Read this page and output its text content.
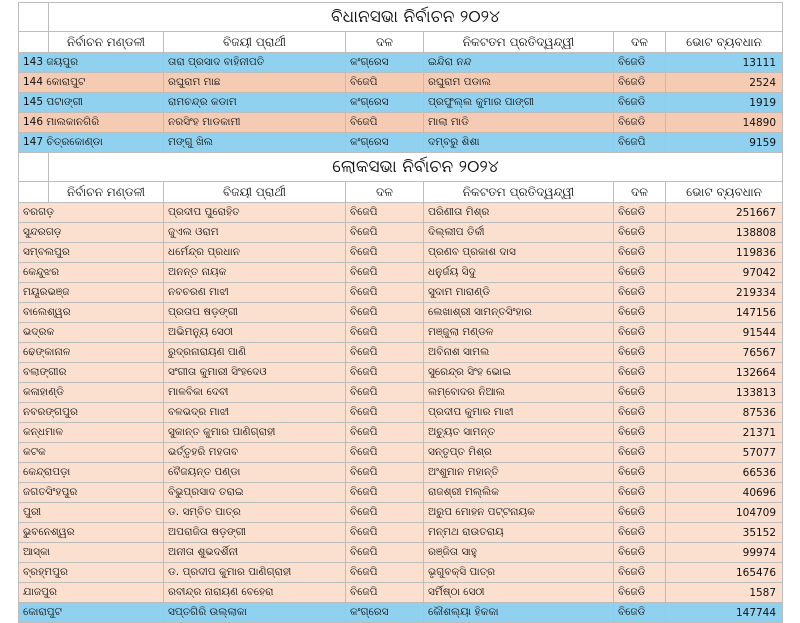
	ବିଧାନସଭା ନିର୍ବାଚନ ୨୦୨୪					
	ନିର୍ବାଚନ ମଣ୍ଡଳୀ	ବିଜୟୀ ପ୍ରାର୍ଥୀ	ଦଳ	ନିକଟତମ ପ୍ରତିଦ୍ୱନ୍ଦ୍ୱୀ	ଦଳ	ଭୋଟ ବ୍ୟବଧାନ
143 ଜୟପୁର		ତାରା ପ୍ରସାଦ ବାହିନୀପତି	କଂଗ୍ରେସ	ଇନ୍ଦିରା ନନ୍ଦ	ବିଜେଡି	13111
144 କୋରାପୁଟ		ରଘୁରାମ ମାଛ	ବିଜେପି	ରଘୁରାମ ପଡାଲ	ବିଜେଡି	2524
145 ପଟାଙ୍ଗୀ		ରାମଚନ୍ଦ୍ର କଡାମ	କଂଗ୍ରେସ	ପ୍ରଫୁଲ୍ଲ କୁମାର ପାଙ୍ଗୀ	ବିଜେଡି	1919
146 ମାଲକାନଗିରି		ନରସିଂହ ମାଡକାମୀ	ବିଜେପି	ମାଲା ମାଡି	ବିଜେଡି	14890
147 ଚିତ୍ରକୋଣ୍ଡା		ମଙ୍ଗୁ ଖିଲ	କଂଗ୍ରେସ	ଦମ୍ବରୁ ଶିଶା	ବିଜେପି	9159
	ଲୋକସଭା ନିର୍ବାଚନ ୨୦୨୪					
	ନିର୍ବାଚନ ମଣ୍ଡଳୀ	ବିଜୟୀ ପ୍ରାର୍ଥୀ	ଦଳ	ନିକଟତମ ପ୍ରତିଦ୍ୱନ୍ଦ୍ୱୀ	ଦଳ	ଭୋଟ ବ୍ୟବଧାନ
ବରଗଡ଼		ପ୍ରଦୀପ ପୁରୋହିତ	ବିଜେପି	ପରିଣୀତା ମିଶ୍ର	ବିଜେଡି	251667
ସୁନ୍ଦରଗଡ଼		ଜୁଏଲ ଓରାମ	ବିଜେପି	ଦିଲ୍ଲୀପ ତିର୍କୀ	ବିଜେଡି	138808
ସମ୍ବଲପୁର		ଧର୍ମେନ୍ଦ୍ର ପ୍ରଧାନ	ବିଜେପି	ପ୍ରଣବ ପ୍ରକାଶ ଦାସ	ବିଜେଡି	119836
କେନ୍ଦୁଝର		ଅନନ୍ତ ନାୟକ	ବିଜେପି	ଧନୁର୍ଜୟ ସିଦୁ	ବିଜେଡି	97042
ମୟୂରଭଞ୍ଜ		ନବଚରଣ ମାଝୀ	ବିଜେପି	ସୁଦାମ ମାରାଣ୍ଡି	ବିଜେଡି	219334
ବାଲେଶ୍ୱର		ପ୍ରତାପ ଷଡ଼ଙ୍ଗୀ	ବିଜେପି	ଲେଖାଶ୍ରୀ ସାମନ୍ତସିଂହାର	ବିଜେଡି	147156
ଭଦ୍ରକ		ଅଭିମନ୍ୟୁ ସେଠୀ	ବିଜେପି	ମଞ୍ଜୁଲା ମଣ୍ଡଳ	ବିଜେଡି	91544
ଢେଙ୍କାନାଳ		ରୁଦ୍ରନାରାୟଣ ପାଣି	ବିଜେପି	ଅବିନାଶ ସାମଲ	ବିଜେଡି	76567
ବଲାଙ୍ଗୀର		ସଂଗୀତା କୁମାରୀ ସିଂହଦେଓ	ବିଜେପି	ସୁରେନ୍ଦ୍ର ସିଂହ ଭୋଇ	ବିଜେଡି	132664
କଳାହାଣ୍ଡି		ମାଳବିକା ଦେବୀ	ବିଜେପି	ଲମ୍ବୋଦର ନିଆଲ	ବିଜେଡି	133813
ନବରଙ୍ଗପୁର		ବଳଭଦ୍ର ମାଝୀ	ବିଜେପି	ପ୍ରଦୀପ କୁମାର ମାଝୀ	ବିଜେଡି	87536
କନ୍ଧମାଳ		ସୁକାନ୍ତ କୁମାର ପାଣିଗ୍ରାହୀ	ବିଜେପି	ଅଚ୍ୟୁତ ସାମନ୍ତ	ବିଜେଡି	21371
କଟକ		ଭର୍ତ୍ତୃହରି ମହତାବ	ବିଜେପି	ସନ୍ତୃପ୍ତ ମିଶ୍ର	ବିଜେଡି	57077
କେନ୍ଦ୍ରାପଡ଼ା		ବୈଜୟନ୍ତ ପଣ୍ଡା	ବିଜେପି	ଅଂଶୁମାନ ମହାନ୍ତି	ବିଜେଡି	66536
ଜଗତସିଂହପୁର		ବିଭୁପ୍ରସାଦ ତରାଇ	ବିଜେପି	ରାଜଶ୍ରୀ ମଲ୍ଲିକ	ବିଜେଡି	40696
ପୁରୀ		ଡ. ସମ୍ବିତ ପାତ୍ର	ବିଜେପି	ଅରୁପ ମୋହନ ପଟ୍ଟନାୟକ	ବିଜେଡି	104709
ଭୁବନେଶ୍ୱର		ଅପରାଜିତା ଷଡ଼ଙ୍ଗୀ	ବିଜେପି	ମନ୍ମଥ ରାଉତରାୟ	ବିଜେଡି	35152
ଆସ୍କା		ଅନୀତା ଶୁଭଦର୍ଶିନୀ	ବିଜେପି	ରଞ୍ଜିତା ସାହୁ	ବିଜେଡି	99974
ବ୍ରହ୍ମପୁର		ଡ. ପ୍ରଦୀପ କୁମାର ପାଣିଗ୍ରାହୀ	ବିଜେପି	ଭୃଗୁବକ୍ସି ପାତ୍ର	ବିଜେଡି	165476
ଯାଜପୁର		ରବୀନ୍ଦ୍ର ନାରାୟଣ ବେହେରା	ବିଜେପି	ସର୍ମିଷ୍ଠା ସେଠୀ	ବିଜେଡି	1587
କୋରାପୁଟ		ସପ୍ତଗିରି ଉଲ୍ଲାକା	କଂଗ୍ରେସ	କୌଶଲ୍ୟା ହିକକା	ବିଜେଡି	147744
